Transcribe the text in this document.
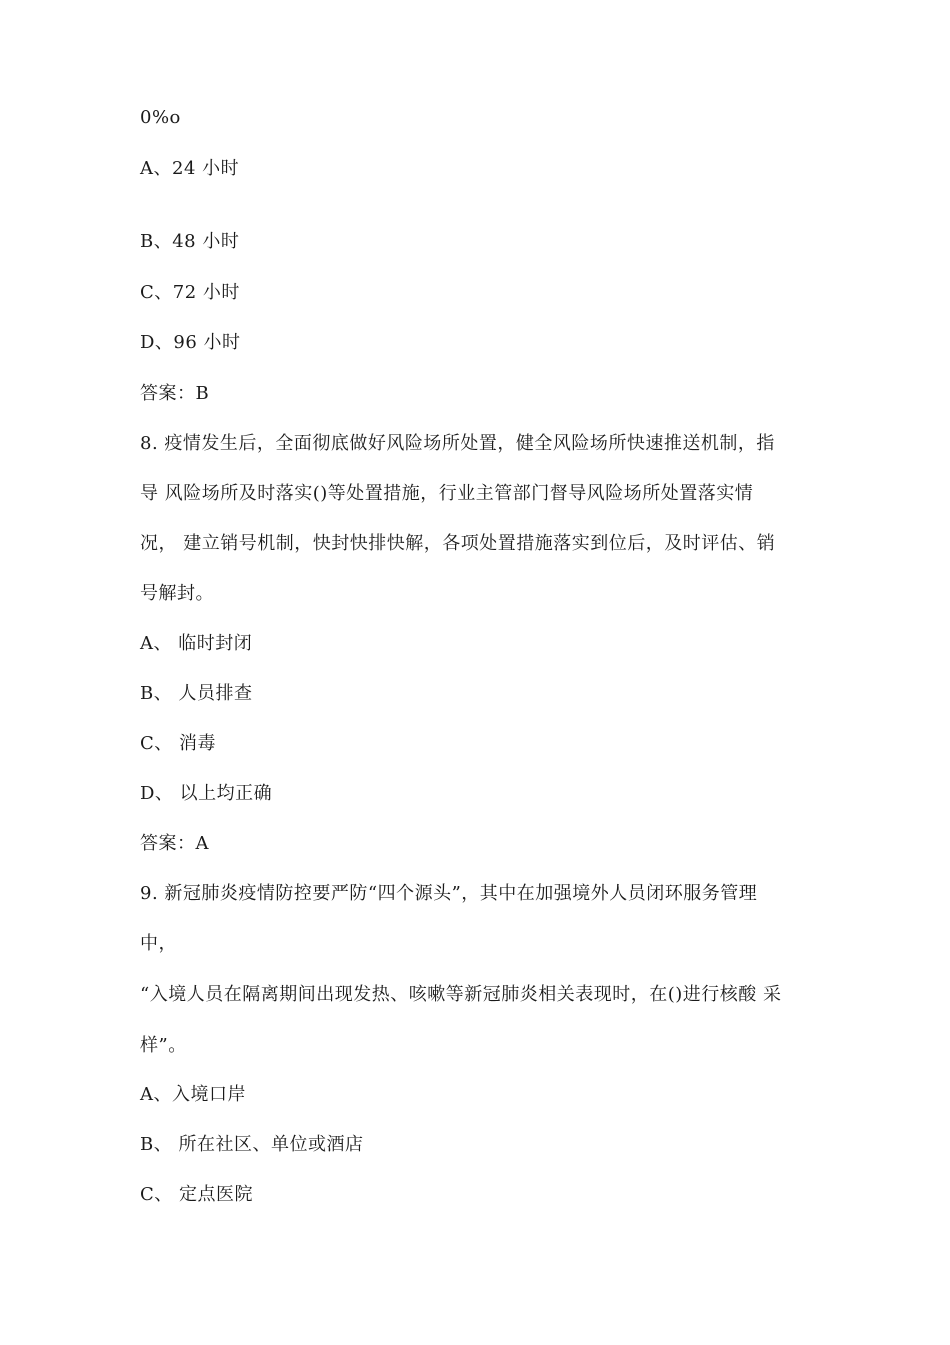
0%o
A、24 小时
B、48 小时
C、72 小时
D、96 小时
答案：B
8. 疫情发生后，全面彻底做好风险场所处置，健全风险场所快速推送机制，指
导 风险场所及时落实()等处置措施，行业主管部门督导风险场所处置落实情
况， 建立销号机制，快封快排快解，各项处置措施落实到位后，及时评估、销
号解封。
A、 临时封闭
B、 人员排查
C、 消毒
D、 以上均正确
答案：A
9. 新冠肺炎疫情防控要严防“四个源头”，其中在加强境外人员闭环服务管理
中，
“入境人员在隔离期间出现发热、咳嗽等新冠肺炎相关表现时，在()进行核酸 采
样”。
A、入境口岸
B、 所在社区、单位或酒店
C、 定点医院
